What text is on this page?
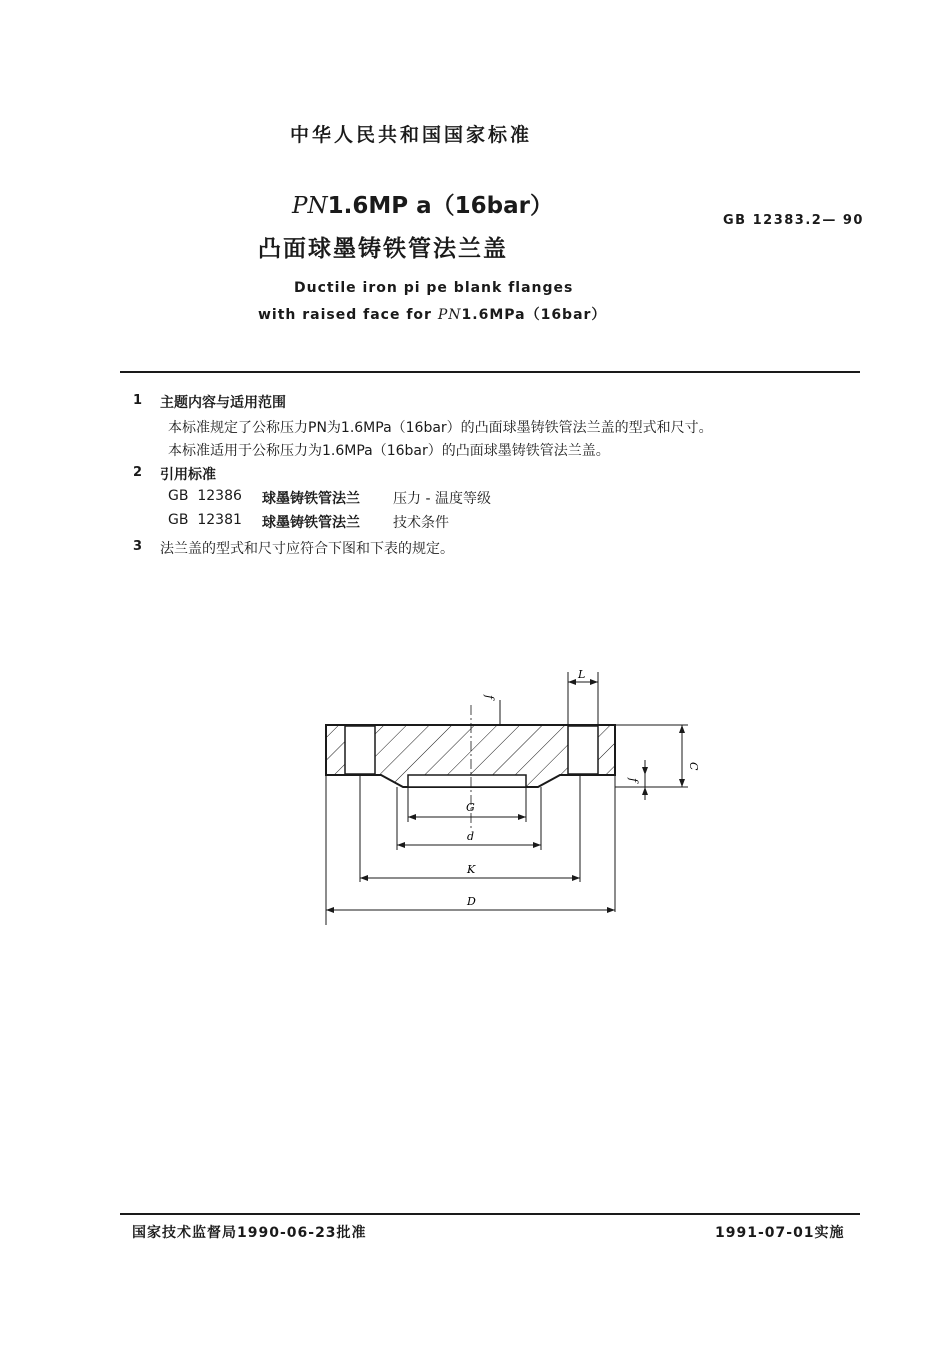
中华人民共和国国家标准
PN1.6MP a（16bar）
凸面球墨铸铁管法兰盖
Ductile iron pi pe blank flanges
with raised face for PN1.6MPa（16bar）
GB 12383.2— 90
1 主题内容与适用范围
本标准规定了公称压力PN为1.6MPa（16bar）的凸面球墨铸铁管法兰盖的型式和尺寸。
本标准适用于公称压力为1.6MPa（16bar）的凸面球墨铸铁管法兰盖。
2 引用标准
GB  12386 球墨铸铁管法兰 压力 - 温度等级
GB  12381 球墨铸铁管法兰 技术条件
3 法兰盖的型式和尺寸应符合下图和下表的规定。
L
C
f
f
G
d
K
D
国家技术监督局1990-06-23批准	1991-07-01实施
